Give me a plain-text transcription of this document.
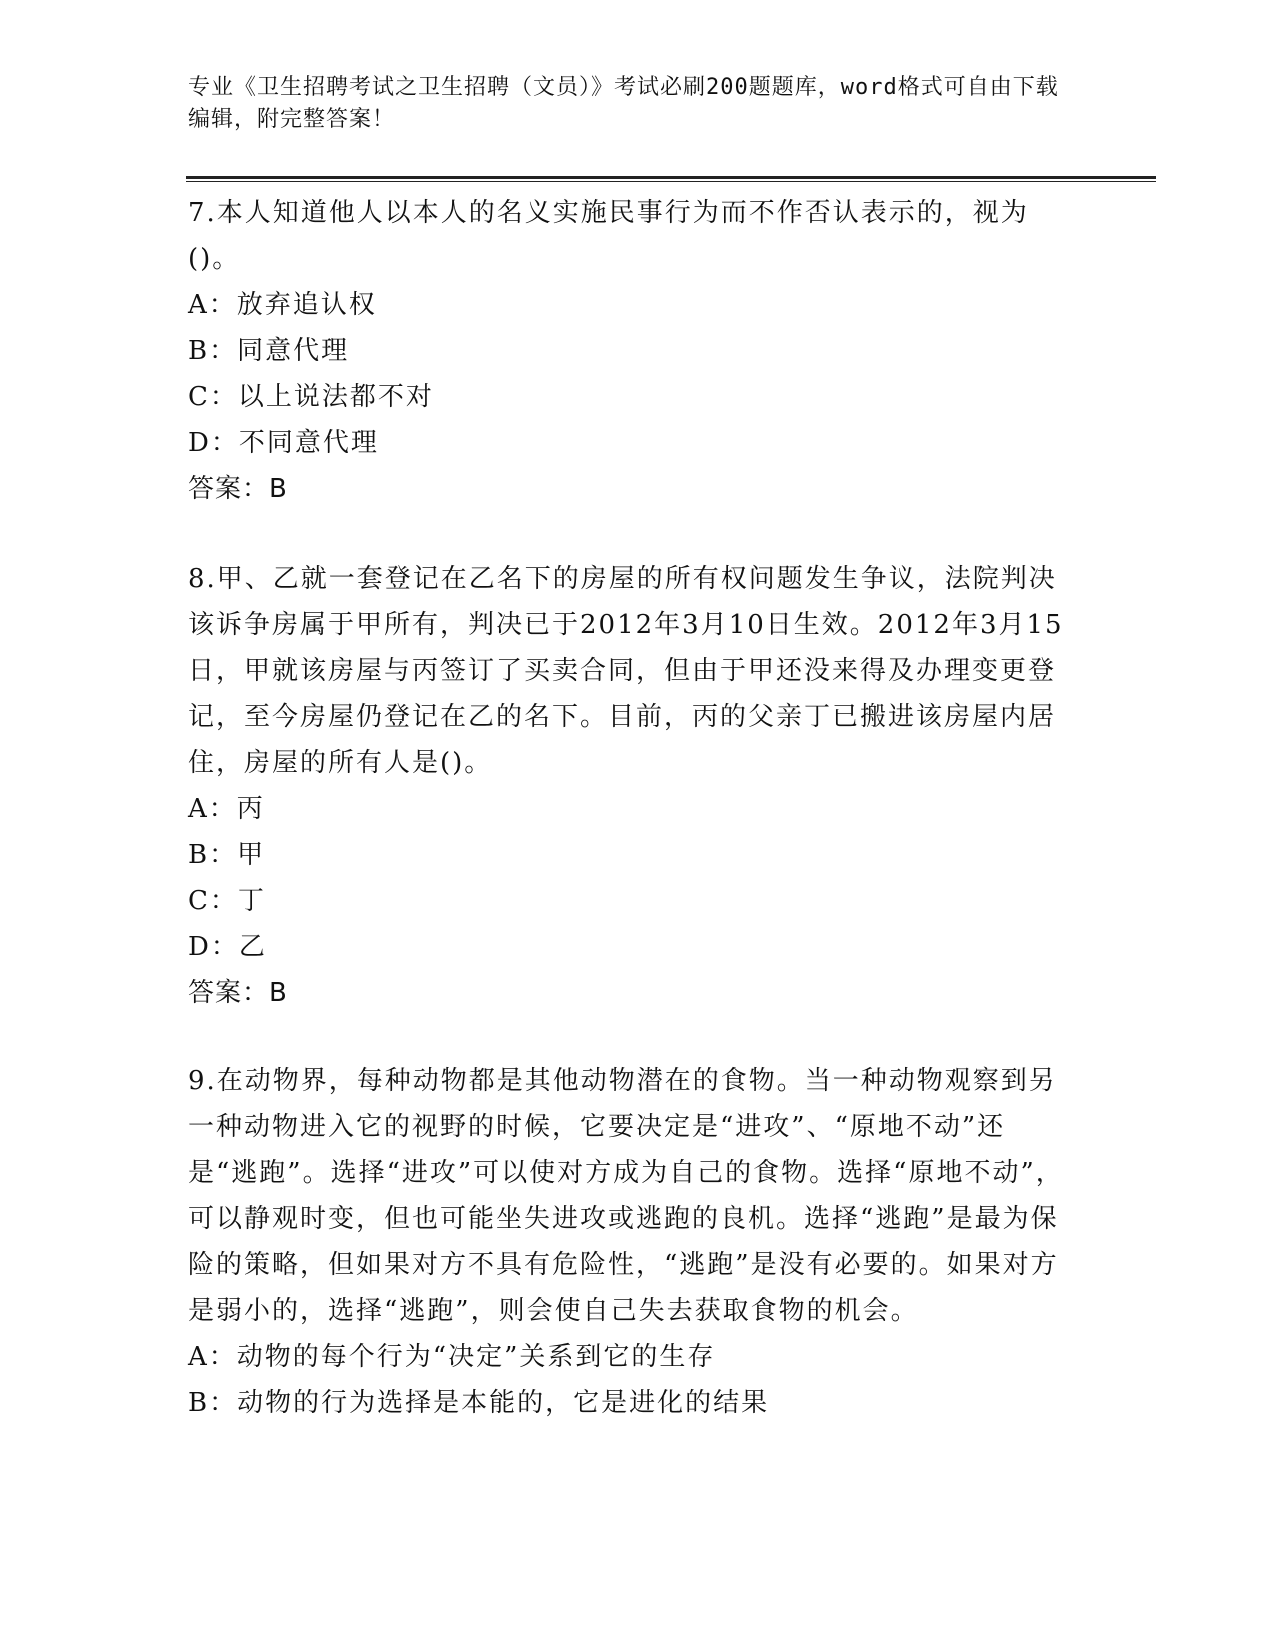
专业《卫生招聘考试之卫生招聘（文员）》考试必刷200题题库，word格式可自由下载编辑，附完整答案！

7.本人知道他人以本人的名义实施民事行为而不作否认表示的，视为()。

A：放弃追认权

B：同意代理

C：以上说法都不对

D：不同意代理

答案：B

8.甲、乙就一套登记在乙名下的房屋的所有权问题发生争议，法院判决该诉争房属于甲所有，判决已于2012年3月10日生效。2012年3月15日，甲就该房屋与丙签订了买卖合同，但由于甲还没来得及办理变更登记，至今房屋仍登记在乙的名下。目前，丙的父亲丁已搬进该房屋内居住，房屋的所有人是()。

A：丙

B：甲

C：丁

D：乙

答案：B

9.在动物界，每种动物都是其他动物潜在的食物。当一种动物观察到另一种动物进入它的视野的时候，它要决定是“进攻”、“原地不动”还是“逃跑”。选择“进攻”可以使对方成为自己的食物。选择“原地不动”，可以静观时变，但也可能坐失进攻或逃跑的良机。选择“逃跑”是最为保险的策略，但如果对方不具有危险性，“逃跑”是没有必要的。如果对方是弱小的，选择“逃跑”，则会使自己失去获取食物的机会。

A：动物的每个行为“决定”关系到它的生存

B：动物的行为选择是本能的，它是进化的结果
